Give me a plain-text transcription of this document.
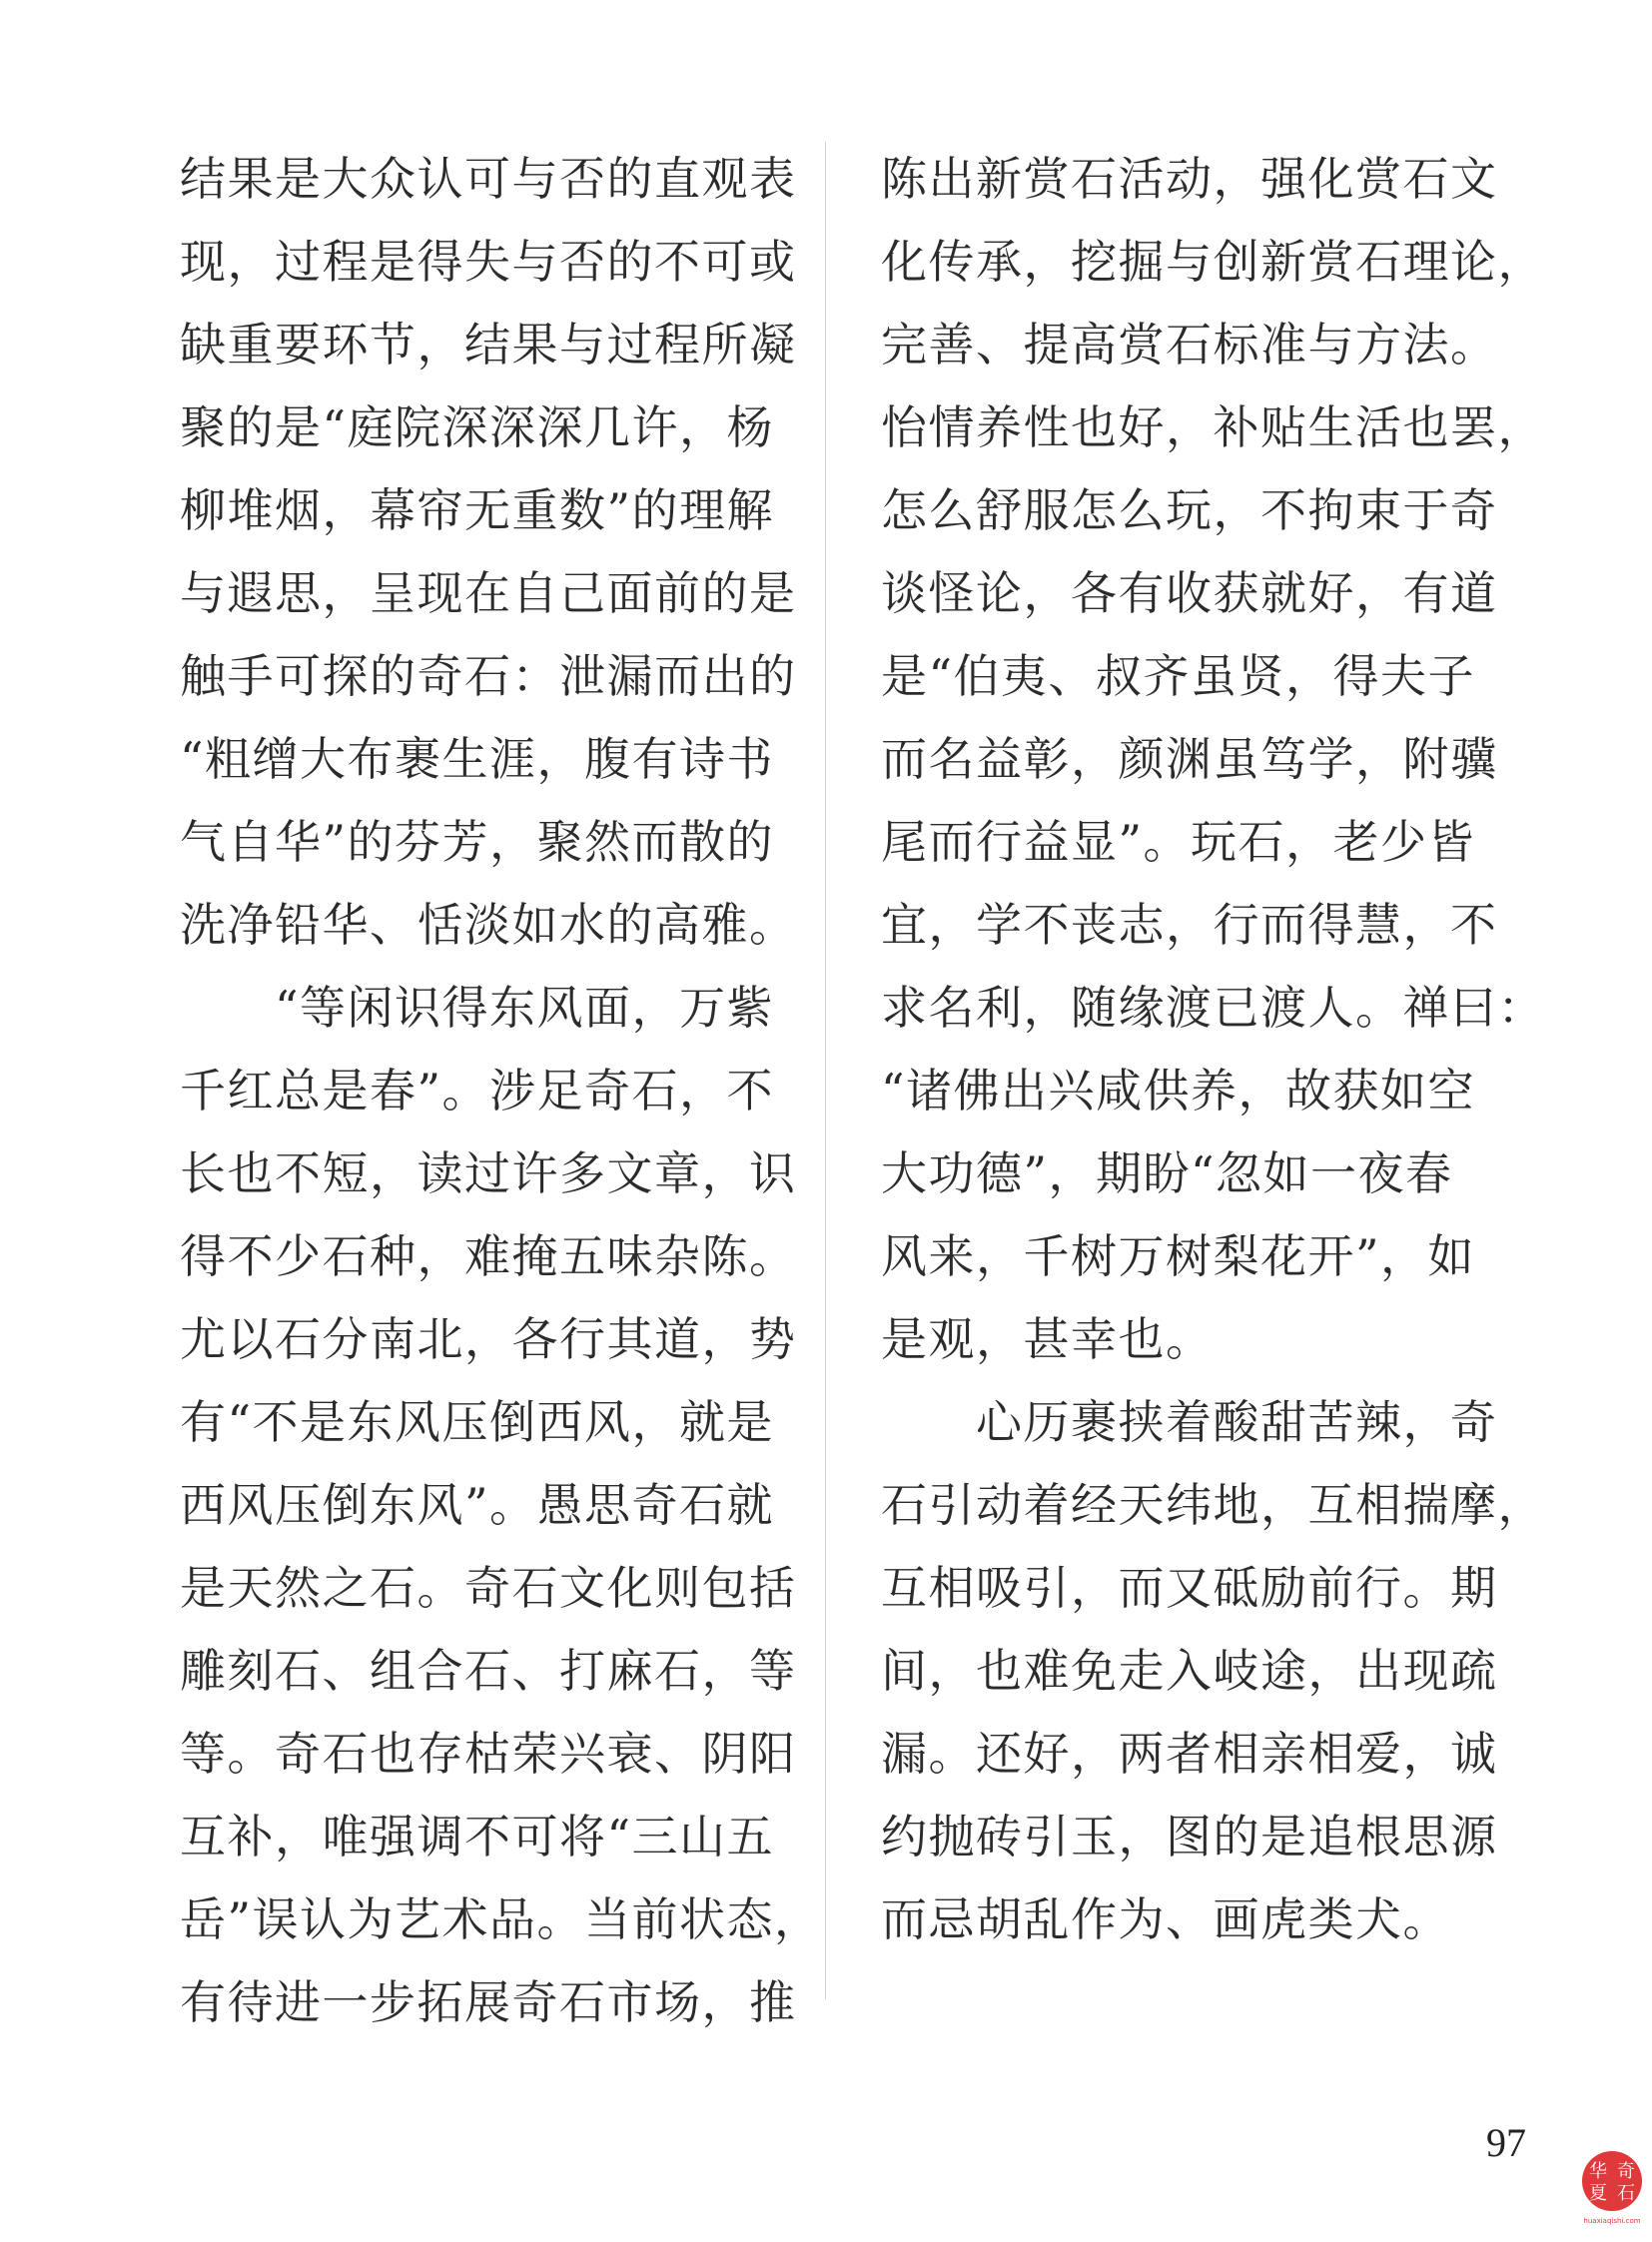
结果是大众认可与否的直观表
现，过程是得失与否的不可或
缺重要环节，结果与过程所凝
聚的是“庭院深深深几许，杨
柳堆烟，幕帘无重数”的理解
与遐思，呈现在自己面前的是
触手可探的奇石：泄漏而出的
“粗缯大布裹生涯，腹有诗书
气自华”的芬芳，聚然而散的
洗净铅华、恬淡如水的高雅。
　　“等闲识得东风面，万紫
千红总是春”。涉足奇石，不
长也不短，读过许多文章，识
得不少石种，难掩五味杂陈。
尤以石分南北，各行其道，势
有“不是东风压倒西风，就是
西风压倒东风”。愚思奇石就
是天然之石。奇石文化则包括
雕刻石、组合石、打麻石，等
等。奇石也存枯荣兴衰、阴阳
互补，唯强调不可将“三山五
岳”误认为艺术品。当前状态，
有待进一步拓展奇石市场，推
陈出新赏石活动，强化赏石文
化传承，挖掘与创新赏石理论，
完善、提高赏石标准与方法。
怡情养性也好，补贴生活也罢，
怎么舒服怎么玩，不拘束于奇
谈怪论，各有收获就好，有道
是“伯夷、叔齐虽贤，得夫子
而名益彰，颜渊虽笃学，附骥
尾而行益显”。玩石，老少皆
宜，学不丧志，行而得慧，不
求名利，随缘渡已渡人。禅曰：
“诸佛出兴咸供养，故获如空
大功德”，期盼“忽如一夜春
风来，千树万树梨花开”，如
是观，甚幸也。
　　心历裹挟着酸甜苦辣，奇
石引动着经天纬地，互相揣摩，
互相吸引，而又砥励前行。期
间，也难免走入岐途，出现疏
漏。还好，两者相亲相爱，诚
约抛砖引玉，图的是追根思源
而忌胡乱作为、画虎类犬。
97
华 奇
夏 石
huaxiaqishi.com
